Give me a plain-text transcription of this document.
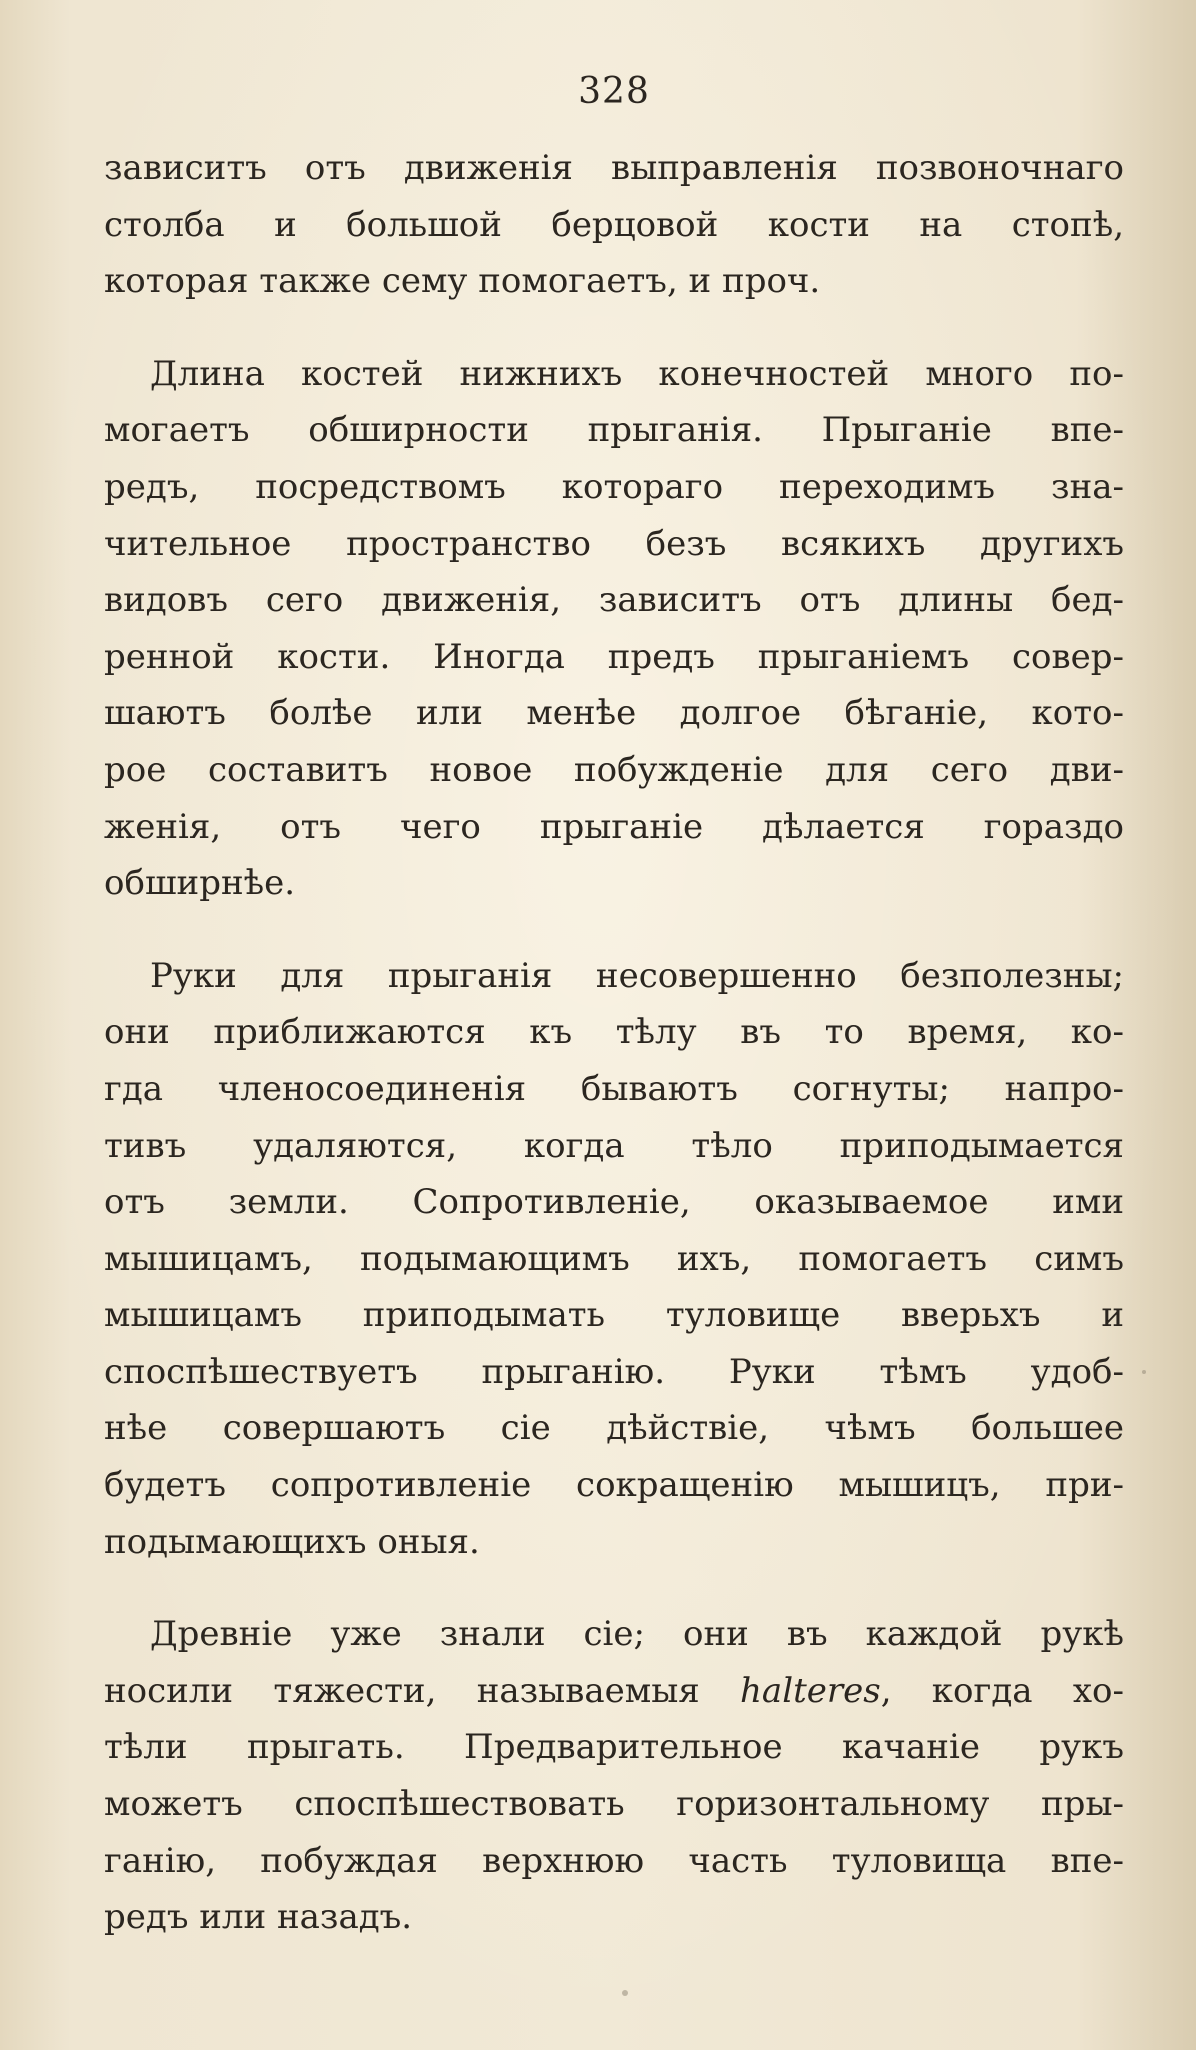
328

зависитъ отъ движенія выправленія позвоночнаго
столба и большой берцовой кости на стопѣ,
которая также сему помогаетъ, и проч.

Длина костей нижнихъ конечностей много по-
могаетъ обширности прыганія. Прыганіе впе-
редъ, посредствомъ котораго переходимъ зна-
чительное пространство безъ всякихъ другихъ
видовъ сего движенія, зависитъ отъ длины бед-
ренной кости. Иногда предъ прыганіемъ совер-
шаютъ болѣе или менѣе долгое бѣганіе, кото-
рое составитъ новое побужденіе для сего дви-
женія, отъ чего прыганіе дѣлается гораздо
обширнѣе.

Руки для прыганія несовершенно безполезны;
они приближаются къ тѣлу въ то время, ко-
гда членосоединенія бываютъ согнуты; напро-
тивъ удаляются, когда тѣло приподымается
отъ земли. Сопротивленіе, оказываемое ими
мышицамъ, подымающимъ ихъ, помогаетъ симъ
мышицамъ приподымать туловище вверьхъ и
споспѣшествуетъ прыганію. Руки тѣмъ удоб-
нѣе совершаютъ сіе дѣйствіе, чѣмъ большее
будетъ сопротивленіе сокращенію мышицъ, при-
подымающихъ оныя.

Древніе уже знали сіе; они въ каждой рукѣ
носили тяжести, называемыя halteres, когда хо-
тѣли прыгать. Предварительное качаніе рукъ
можетъ споспѣшествовать горизонтальному пры-
ганію, побуждая верхнюю часть туловища впе-
редъ или назадъ.
